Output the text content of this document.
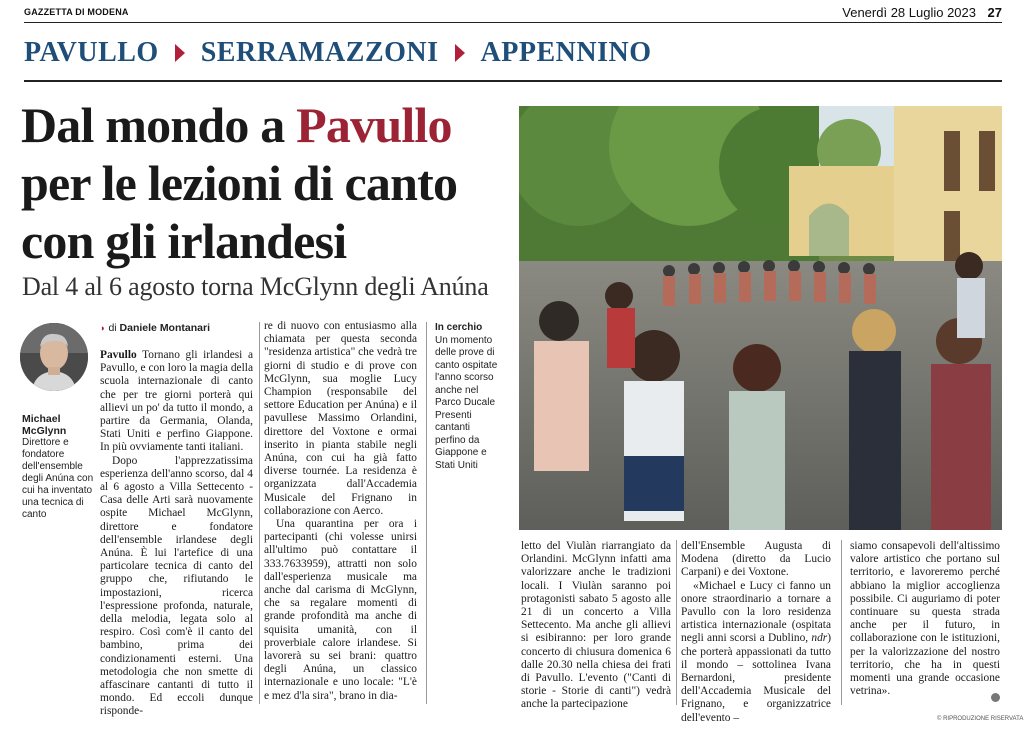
GAZZETTA DI MODENA	Venerdì 28 Luglio 2023 27
PAVULLO SERRAMAZZONI APPENNINO
Dal mondo a Pavullo
per le lezioni di canto
con gli irlandesi
Dal 4 al 6 agosto torna McGlynn degli Anúna
Michael McGlynn
Direttore e fondatore dell'ensemble degli Anúna con cui ha inventato una tecnica di canto
◗ di Daniele Montanari

Pavullo Tornano gli irlandesi a Pavullo, e con loro la magia della scuola internazionale di canto che per tre giorni porterà qui allievi un po' da tutto il mondo, a partire da Germania, Olanda, Stati Uniti e perfino Giappone. In più ovviamente tanti italiani.

Dopo l'apprezzatissima esperienza dell'anno scorso, dal 4 al 6 agosto a Villa Settecento - Casa delle Arti sarà nuovamente ospite Michael McGlynn, direttore e fondatore dell'ensemble irlandese degli Anúna. È lui l'artefice di una particolare tecnica di canto del gruppo che, rifiutando le impostazioni, ricerca l'espressione profonda, naturale, della melodia, legata solo al respiro. Così com'è il canto del bambino, prima dei condizionamenti esterni. Una metodologia che non smette di affascinare cantanti di tutto il mondo. Ed eccoli dunque risponde-

re di nuovo con entusiasmo alla chiamata per questa seconda "residenza artistica" che vedrà tre giorni di studio e di prove con McGlynn, sua moglie Lucy Champion (responsabile del settore Education per Anúna) e il pavullese Massimo Orlandini, direttore del Voxtone e ormai inserito in pianta stabile negli Anúna, con cui ha già fatto diverse tournée. La residenza è organizzata dall'Accademia Musicale del Frignano in collaborazione con Aerco.

Una quarantina per ora i partecipanti (chi volesse unirsi all'ultimo può contattare il 333.7633959), attratti non solo dall'esperienza musicale ma anche dal carisma di McGlynn, che sa regalare momenti di grande profondità ma anche di squisita umanità, con il proverbiale calore irlandese. Si lavorerà su sei brani: quattro degli Anúna, un classico internazionale e uno locale: "L'è e mez d'la sira", brano in dia-

In cerchio
Un momento delle prove di canto ospitate l'anno scorso anche nel Parco Ducale Presenti cantanti perfino da Giappone e Stati Uniti

letto del Viulàn riarrangiato da Orlandini. McGlynn infatti ama valorizzare anche le tradizioni locali. I Viulàn saranno poi protagonisti sabato 5 agosto alle 21 di un concerto a Villa Settecento. Ma anche gli allievi si esibiranno: per loro grande concerto di chiusura domenica 6 dalle 20.30 nella chiesa dei frati di Pavullo. L'evento ("Canti di storie - Storie di canti") vedrà anche la partecipazione

dell'Ensemble Augusta di Modena (diretto da Lucio Carpani) e dei Voxtone.

«Michael e Lucy ci fanno un onore straordinario a tornare a Pavullo con la loro residenza artistica internazionale (ospitata negli anni scorsi a Dublino, ndr) che porterà appassionati da tutto il mondo – sottolinea Ivana Bernardoni, presidente dell'Accademia Musicale del Frignano, e organizzatrice dell'evento –

siamo consapevoli dell'altissimo valore artistico che portano sul territorio, e lavoreremo perché abbiano la miglior accoglienza possibile. Ci auguriamo di poter continuare su questa strada anche per il futuro, in collaborazione con le istituzioni, per la valorizzazione del nostro territorio, che ha in questi momenti una grande occasione vetrina».

© RIPRODUZIONE RISERVATA
